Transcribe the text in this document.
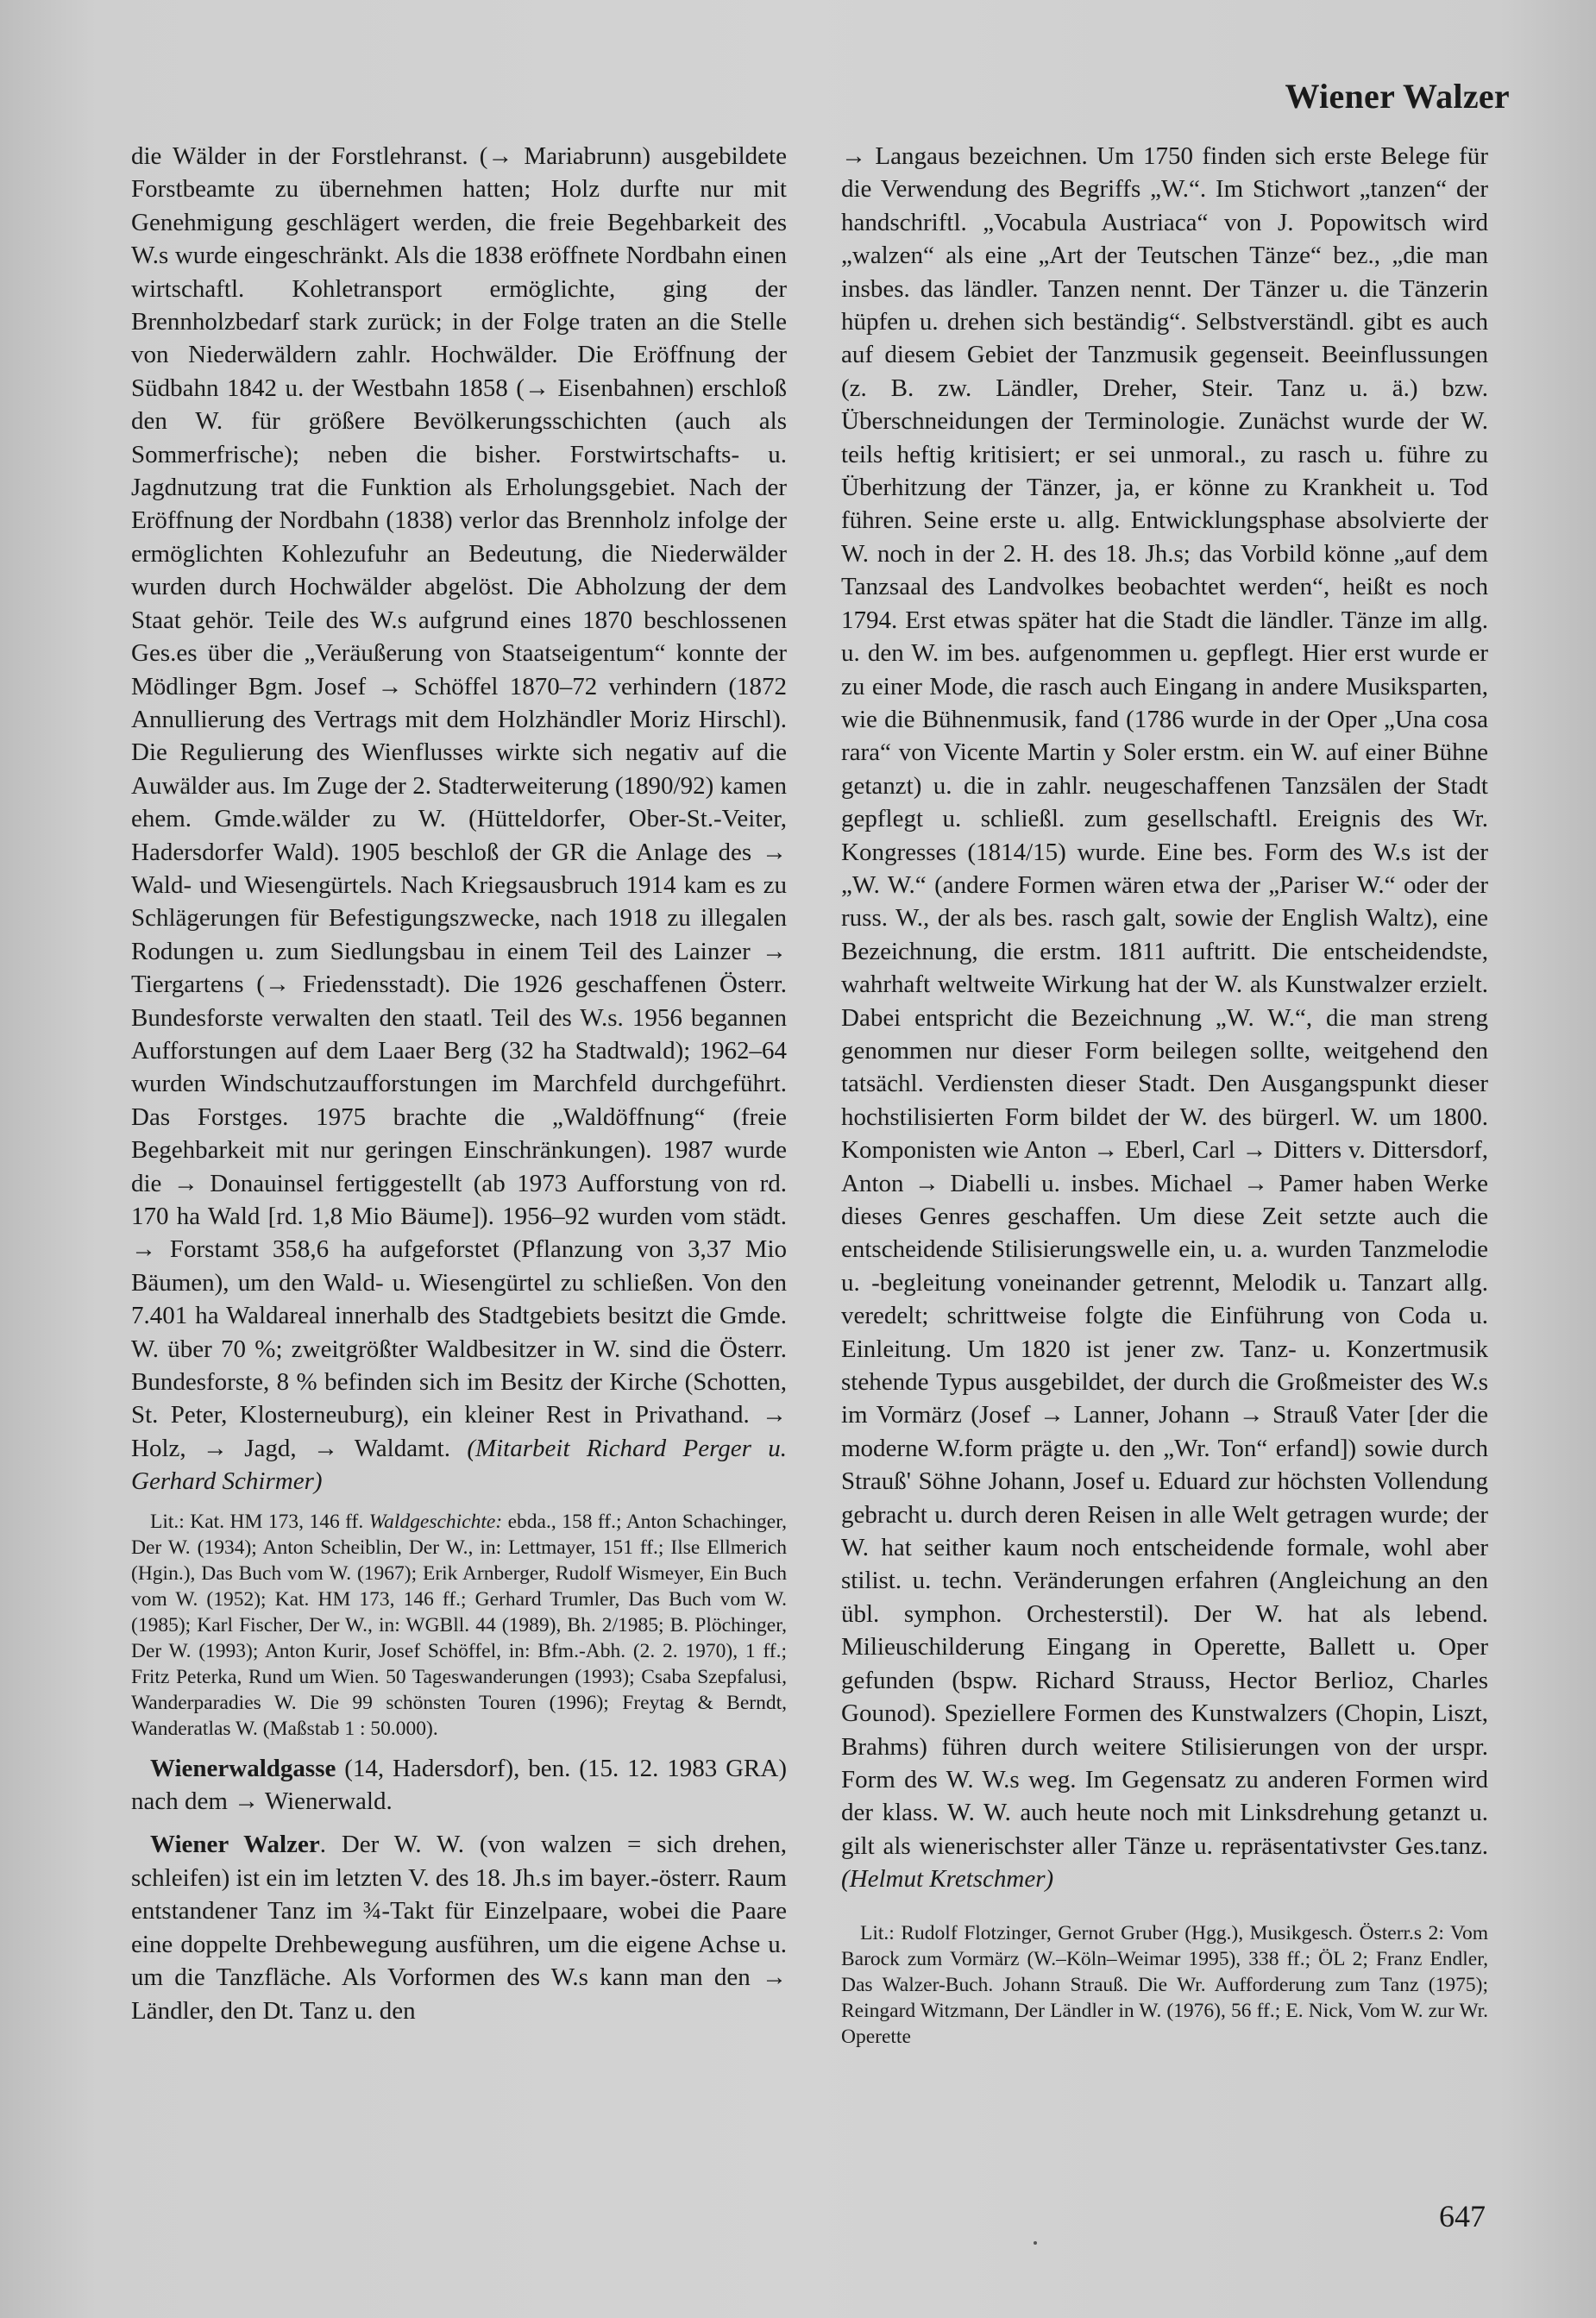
Wiener Walzer

die Wälder in der Forstlehranst. (→ Mariabrunn) ausgebildete Forstbeamte zu übernehmen hatten; Holz durfte nur mit Genehmigung geschlägert werden, die freie Begehbarkeit des W.s wurde eingeschränkt. Als die 1838 eröffnete Nordbahn einen wirtschaftl. Kohletransport ermöglichte, ging der Brennholzbedarf stark zurück; in der Folge traten an die Stelle von Niederwäldern zahlr. Hochwälder. Die Eröffnung der Südbahn 1842 u. der Westbahn 1858 (→ Eisenbahnen) erschloß den W. für größere Bevölkerungsschichten (auch als Sommerfrische); neben die bisher. Forstwirtschafts- u. Jagdnutzung trat die Funktion als Erholungsgebiet. Nach der Eröffnung der Nordbahn (1838) verlor das Brennholz infolge der ermöglichten Kohlezufuhr an Bedeutung, die Niederwälder wurden durch Hochwälder abgelöst. Die Abholzung der dem Staat gehör. Teile des W.s aufgrund eines 1870 beschlossenen Ges.es über die „Veräußerung von Staatseigentum“ konnte der Mödlinger Bgm. Josef → Schöffel 1870–72 verhindern (1872 Annullierung des Vertrags mit dem Holzhändler Moriz Hirschl). Die Regulierung des Wienflusses wirkte sich negativ auf die Auwälder aus. Im Zuge der 2. Stadterweiterung (1890/92) kamen ehem. Gmde.wälder zu W. (Hütteldorfer, Ober-St.-Veiter, Hadersdorfer Wald). 1905 beschloß der GR die Anlage des → Wald- und Wiesengürtels. Nach Kriegsausbruch 1914 kam es zu Schlägerungen für Befestigungszwecke, nach 1918 zu illegalen Rodungen u. zum Siedlungsbau in einem Teil des Lainzer → Tiergartens (→ Friedensstadt). Die 1926 geschaffenen Österr. Bundesforste verwalten den staatl. Teil des W.s. 1956 begannen Aufforstungen auf dem Laaer Berg (32 ha Stadtwald); 1962–64 wurden Windschutzaufforstungen im Marchfeld durchgeführt. Das Forstges. 1975 brachte die „Waldöffnung“ (freie Begehbarkeit mit nur geringen Einschränkungen). 1987 wurde die → Donauinsel fertiggestellt (ab 1973 Aufforstung von rd. 170 ha Wald [rd. 1,8 Mio Bäume]). 1956–92 wurden vom städt. → Forstamt 358,6 ha aufgeforstet (Pflanzung von 3,37 Mio Bäumen), um den Wald- u. Wiesengürtel zu schließen. Von den 7.401 ha Waldareal innerhalb des Stadtgebiets besitzt die Gmde. W. über 70 %; zweitgrößter Waldbesitzer in W. sind die Österr. Bundesforste, 8 % befinden sich im Besitz der Kirche (Schotten, St. Peter, Klosterneuburg), ein kleiner Rest in Privathand. → Holz, → Jagd, → Waldamt. (Mitarbeit Richard Perger u. Gerhard Schirmer)

Lit.: Kat. HM 173, 146 ff. Waldgeschichte: ebda., 158 ff.; Anton Schachinger, Der W. (1934); Anton Scheiblin, Der W., in: Lettmayer, 151 ff.; Ilse Ellmerich (Hgin.), Das Buch vom W. (1967); Erik Arnberger, Rudolf Wismeyer, Ein Buch vom W. (1952); Kat. HM 173, 146 ff.; Gerhard Trumler, Das Buch vom W. (1985); Karl Fischer, Der W., in: WGBll. 44 (1989), Bh. 2/1985; B. Plöchinger, Der W. (1993); Anton Kurir, Josef Schöffel, in: Bfm.-Abh. (2. 2. 1970), 1 ff.; Fritz Peterka, Rund um Wien. 50 Tageswanderungen (1993); Csaba Szepfalusi, Wanderparadies W. Die 99 schönsten Touren (1996); Freytag & Berndt, Wanderatlas W. (Maßstab 1 : 50.000).

Wienerwaldgasse (14, Hadersdorf), ben. (15. 12. 1983 GRA) nach dem → Wienerwald.

Wiener Walzer. Der W. W. (von walzen = sich drehen, schleifen) ist ein im letzten V. des 18. Jh.s im bayer.-österr. Raum entstandener Tanz im ¾-Takt für Einzelpaare, wobei die Paare eine doppelte Drehbewegung ausführen, um die eigene Achse u. um die Tanzfläche. Als Vorformen des W.s kann man den → Ländler, den Dt. Tanz u. den

→ Langaus bezeichnen. Um 1750 finden sich erste Belege für die Verwendung des Begriffs „W.“. Im Stichwort „tanzen“ der handschriftl. „Vocabula Austriaca“ von J. Popowitsch wird „walzen“ als eine „Art der Teutschen Tänze“ bez., „die man insbes. das ländler. Tanzen nennt. Der Tänzer u. die Tänzerin hüpfen u. drehen sich beständig“. Selbstverständl. gibt es auch auf diesem Gebiet der Tanzmusik gegenseit. Beeinflussungen (z. B. zw. Ländler, Dreher, Steir. Tanz u. ä.) bzw. Überschneidungen der Terminologie. Zunächst wurde der W. teils heftig kritisiert; er sei unmoral., zu rasch u. führe zu Überhitzung der Tänzer, ja, er könne zu Krankheit u. Tod führen. Seine erste u. allg. Entwicklungsphase absolvierte der W. noch in der 2. H. des 18. Jh.s; das Vorbild könne „auf dem Tanzsaal des Landvolkes beobachtet werden“, heißt es noch 1794. Erst etwas später hat die Stadt die ländler. Tänze im allg. u. den W. im bes. aufgenommen u. gepflegt. Hier erst wurde er zu einer Mode, die rasch auch Eingang in andere Musiksparten, wie die Bühnenmusik, fand (1786 wurde in der Oper „Una cosa rara“ von Vicente Martin y Soler erstm. ein W. auf einer Bühne getanzt) u. die in zahlr. neugeschaffenen Tanzsälen der Stadt gepflegt u. schließl. zum gesellschaftl. Ereignis des Wr. Kongresses (1814/15) wurde. Eine bes. Form des W.s ist der „W. W.“ (andere Formen wären etwa der „Pariser W.“ oder der russ. W., der als bes. rasch galt, sowie der English Waltz), eine Bezeichnung, die erstm. 1811 auftritt. Die entscheidendste, wahrhaft weltweite Wirkung hat der W. als Kunstwalzer erzielt. Dabei entspricht die Bezeichnung „W. W.“, die man streng genommen nur dieser Form beilegen sollte, weitgehend den tatsächl. Verdiensten dieser Stadt. Den Ausgangspunkt dieser hochstilisierten Form bildet der W. des bürgerl. W. um 1800. Komponisten wie Anton → Eberl, Carl → Ditters v. Dittersdorf, Anton → Diabelli u. insbes. Michael → Pamer haben Werke dieses Genres geschaffen. Um diese Zeit setzte auch die entscheidende Stilisierungswelle ein, u. a. wurden Tanzmelodie u. -begleitung voneinander getrennt, Melodik u. Tanzart allg. veredelt; schrittweise folgte die Einführung von Coda u. Einleitung. Um 1820 ist jener zw. Tanz- u. Konzertmusik stehende Typus ausgebildet, der durch die Großmeister des W.s im Vormärz (Josef → Lanner, Johann → Strauß Vater [der die moderne W.form prägte u. den „Wr. Ton“ erfand]) sowie durch Strauß' Söhne Johann, Josef u. Eduard zur höchsten Vollendung gebracht u. durch deren Reisen in alle Welt getragen wurde; der W. hat seither kaum noch entscheidende formale, wohl aber stilist. u. techn. Veränderungen erfahren (Angleichung an den übl. symphon. Orchesterstil). Der W. hat als lebend. Milieuschilderung Eingang in Operette, Ballett u. Oper gefunden (bspw. Richard Strauss, Hector Berlioz, Charles Gounod). Speziellere Formen des Kunstwalzers (Chopin, Liszt, Brahms) führen durch weitere Stilisierungen von der urspr. Form des W. W.s weg. Im Gegensatz zu anderen Formen wird der klass. W. W. auch heute noch mit Linksdrehung getanzt u. gilt als wienerischster aller Tänze u. repräsentativster Ges.tanz. (Helmut Kretschmer)

Lit.: Rudolf Flotzinger, Gernot Gruber (Hgg.), Musikgesch. Österr.s 2: Vom Barock zum Vormärz (W.–Köln–Weimar 1995), 338 ff.; ÖL 2; Franz Endler, Das Walzer-Buch. Johann Strauß. Die Wr. Aufforderung zum Tanz (1975); Reingard Witzmann, Der Ländler in W. (1976), 56 ff.; E. Nick, Vom W. zur Wr. Operette

647
